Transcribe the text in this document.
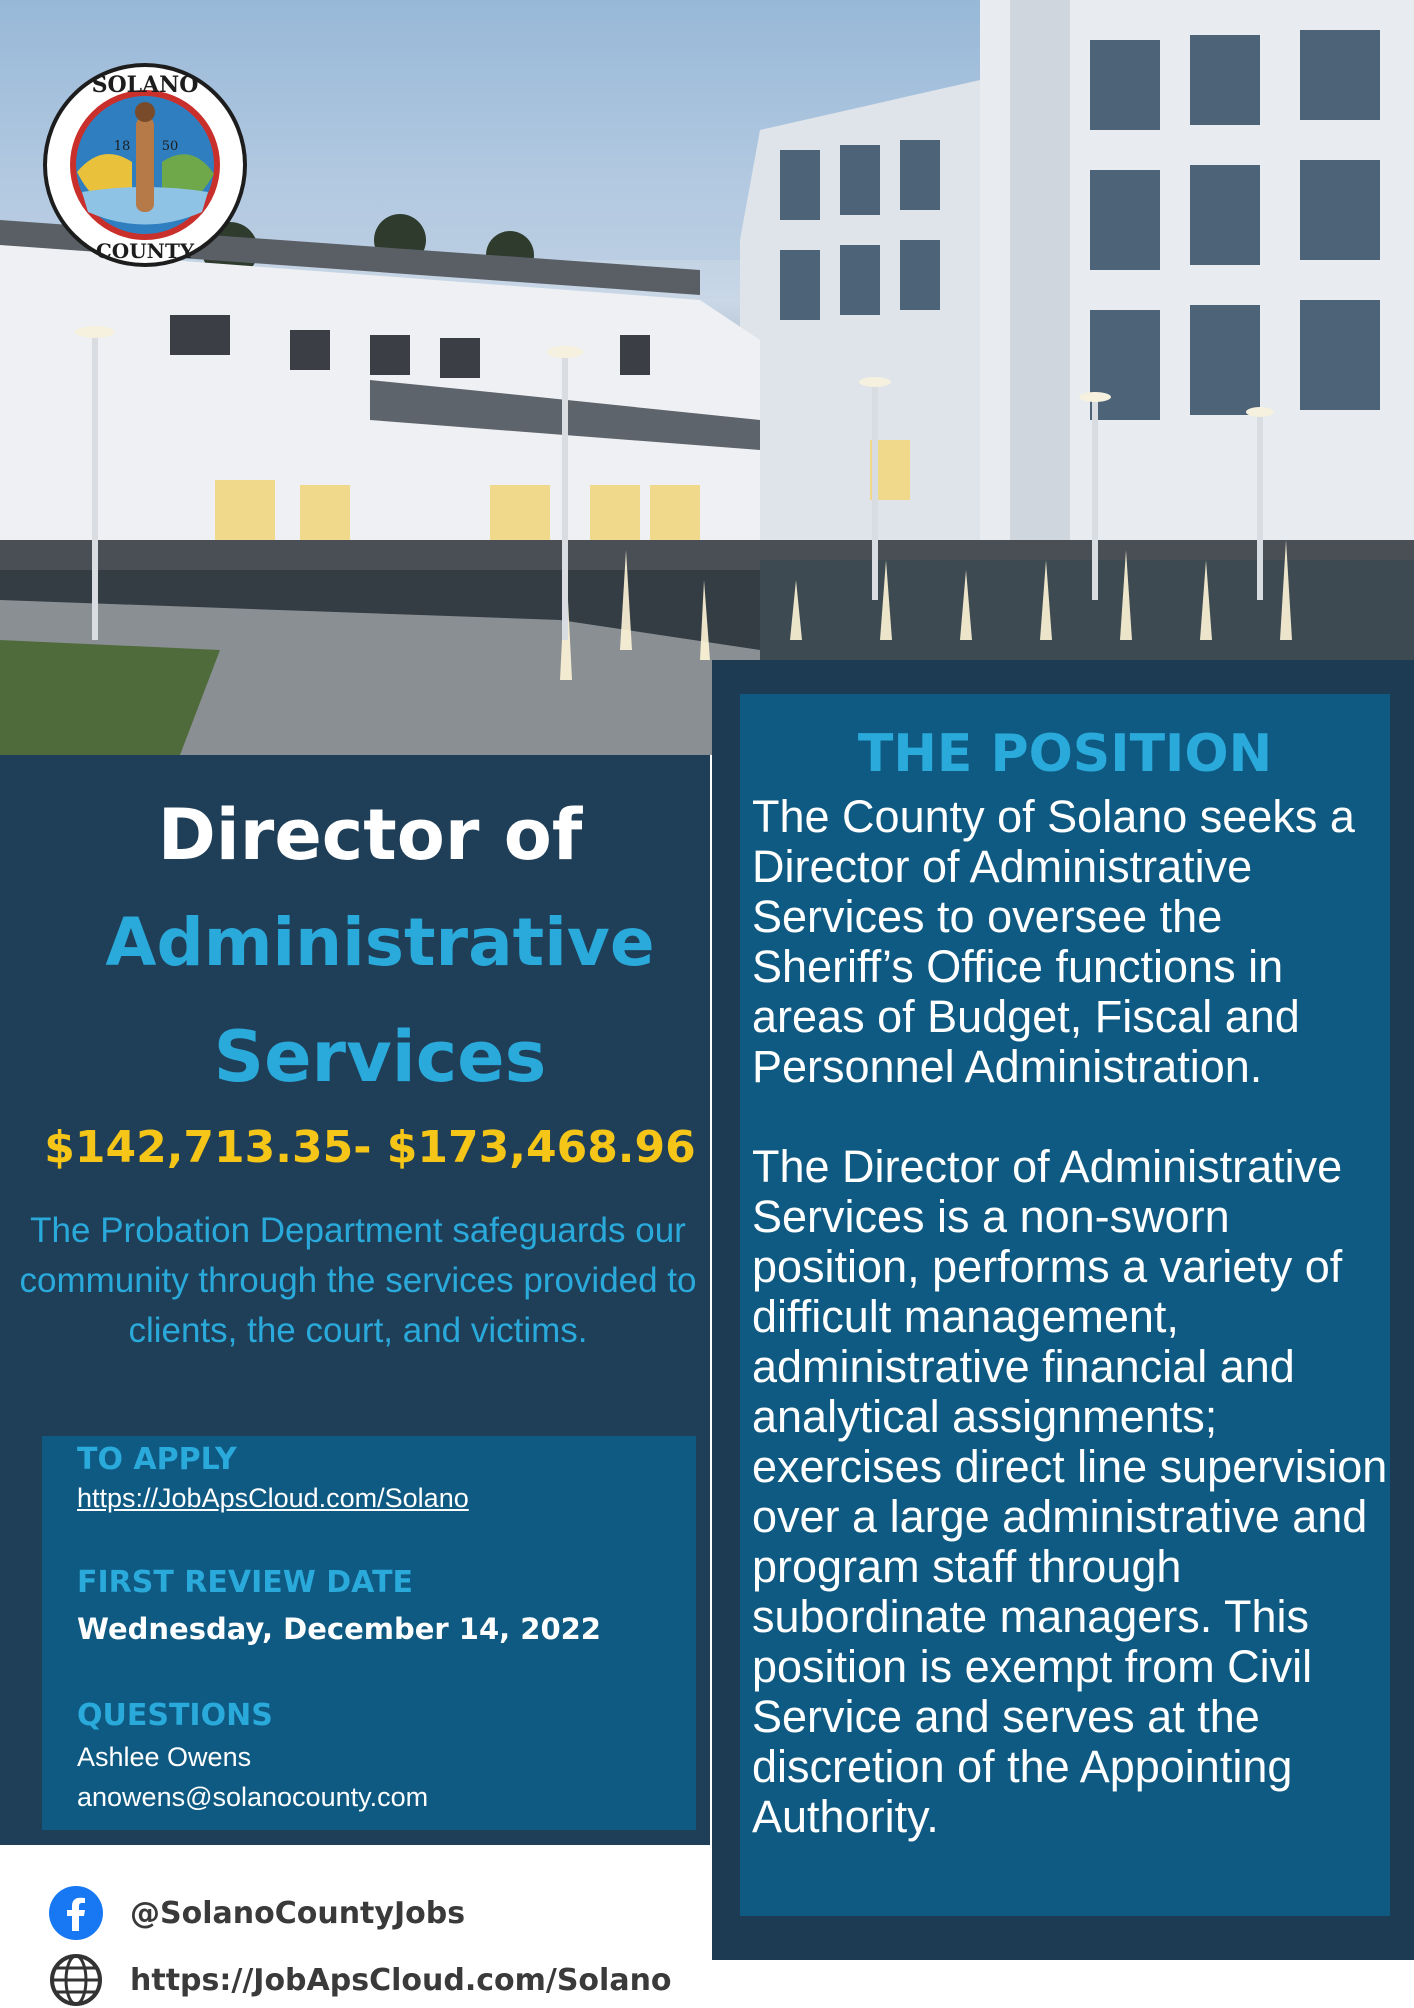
SOLANO
COUNTY
18 50
Director of
Administrative
Services
$142,713.35- $173,468.96
The Probation Department safeguards our community through the services provided to clients, the court, and victims.
TO APPLY
https://JobApsCloud.com/Solano
FIRST REVIEW DATE
Wednesday, December 14, 2022
QUESTIONS
Ashlee Owens
anowens@solanocounty.com
@SolanoCountyJobs
https://JobApsCloud.com/Solano
THE POSITION

The County of Solano seeks a Director of Administrative Services to oversee the Sheriff’s Office functions in areas of Budget, Fiscal and Personnel Administration.

The Director of Administrative Services is a non-sworn position, performs a variety of difficult management, administrative financial and analytical assignments; exercises direct line supervision over a large administrative and program staff through subordinate managers. This position is exempt from Civil Service and serves at the discretion of the Appointing Authority.
